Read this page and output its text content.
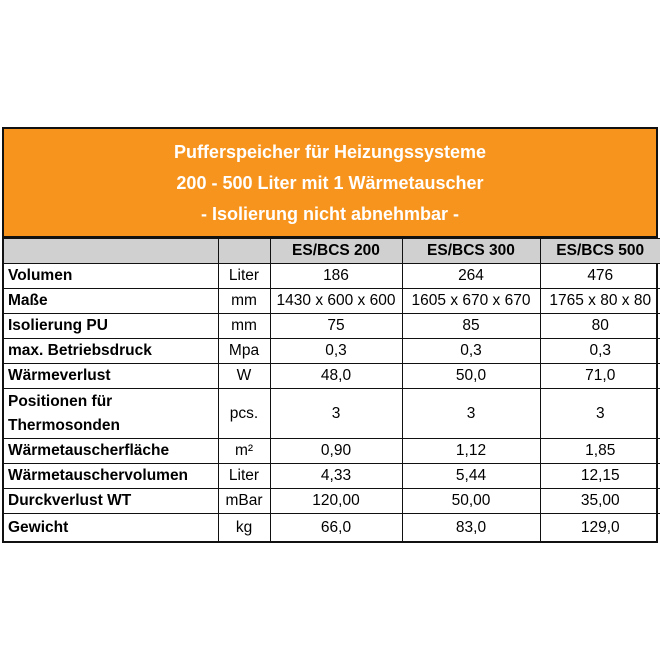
Pufferspeicher für Heizungssysteme
200 - 500 Liter mit 1 Wärmetauscher
- Isolierung nicht abnehmbar -
		ES/BCS 200	ES/BCS 300	ES/BCS 500
Volumen	Liter	186	264	476
Maße	mm	1430 x 600 x 600	1605 x 670 x 670	1765 x 80 x 80
Isolierung PU	mm	75	85	80
max. Betriebsdruck	Mpa	0,3	0,3	0,3
Wärmeverlust	W	48,0	50,0	71,0
Positionen für Thermosonden	pcs.	3	3	3
Wärmetauscherfläche	m²	0,90	1,12	1,85
Wärmetauschervolumen	Liter	4,33	5,44	12,15
Durckverlust WT	mBar	120,00	50,00	35,00
Gewicht	kg	66,0	83,0	129,0
